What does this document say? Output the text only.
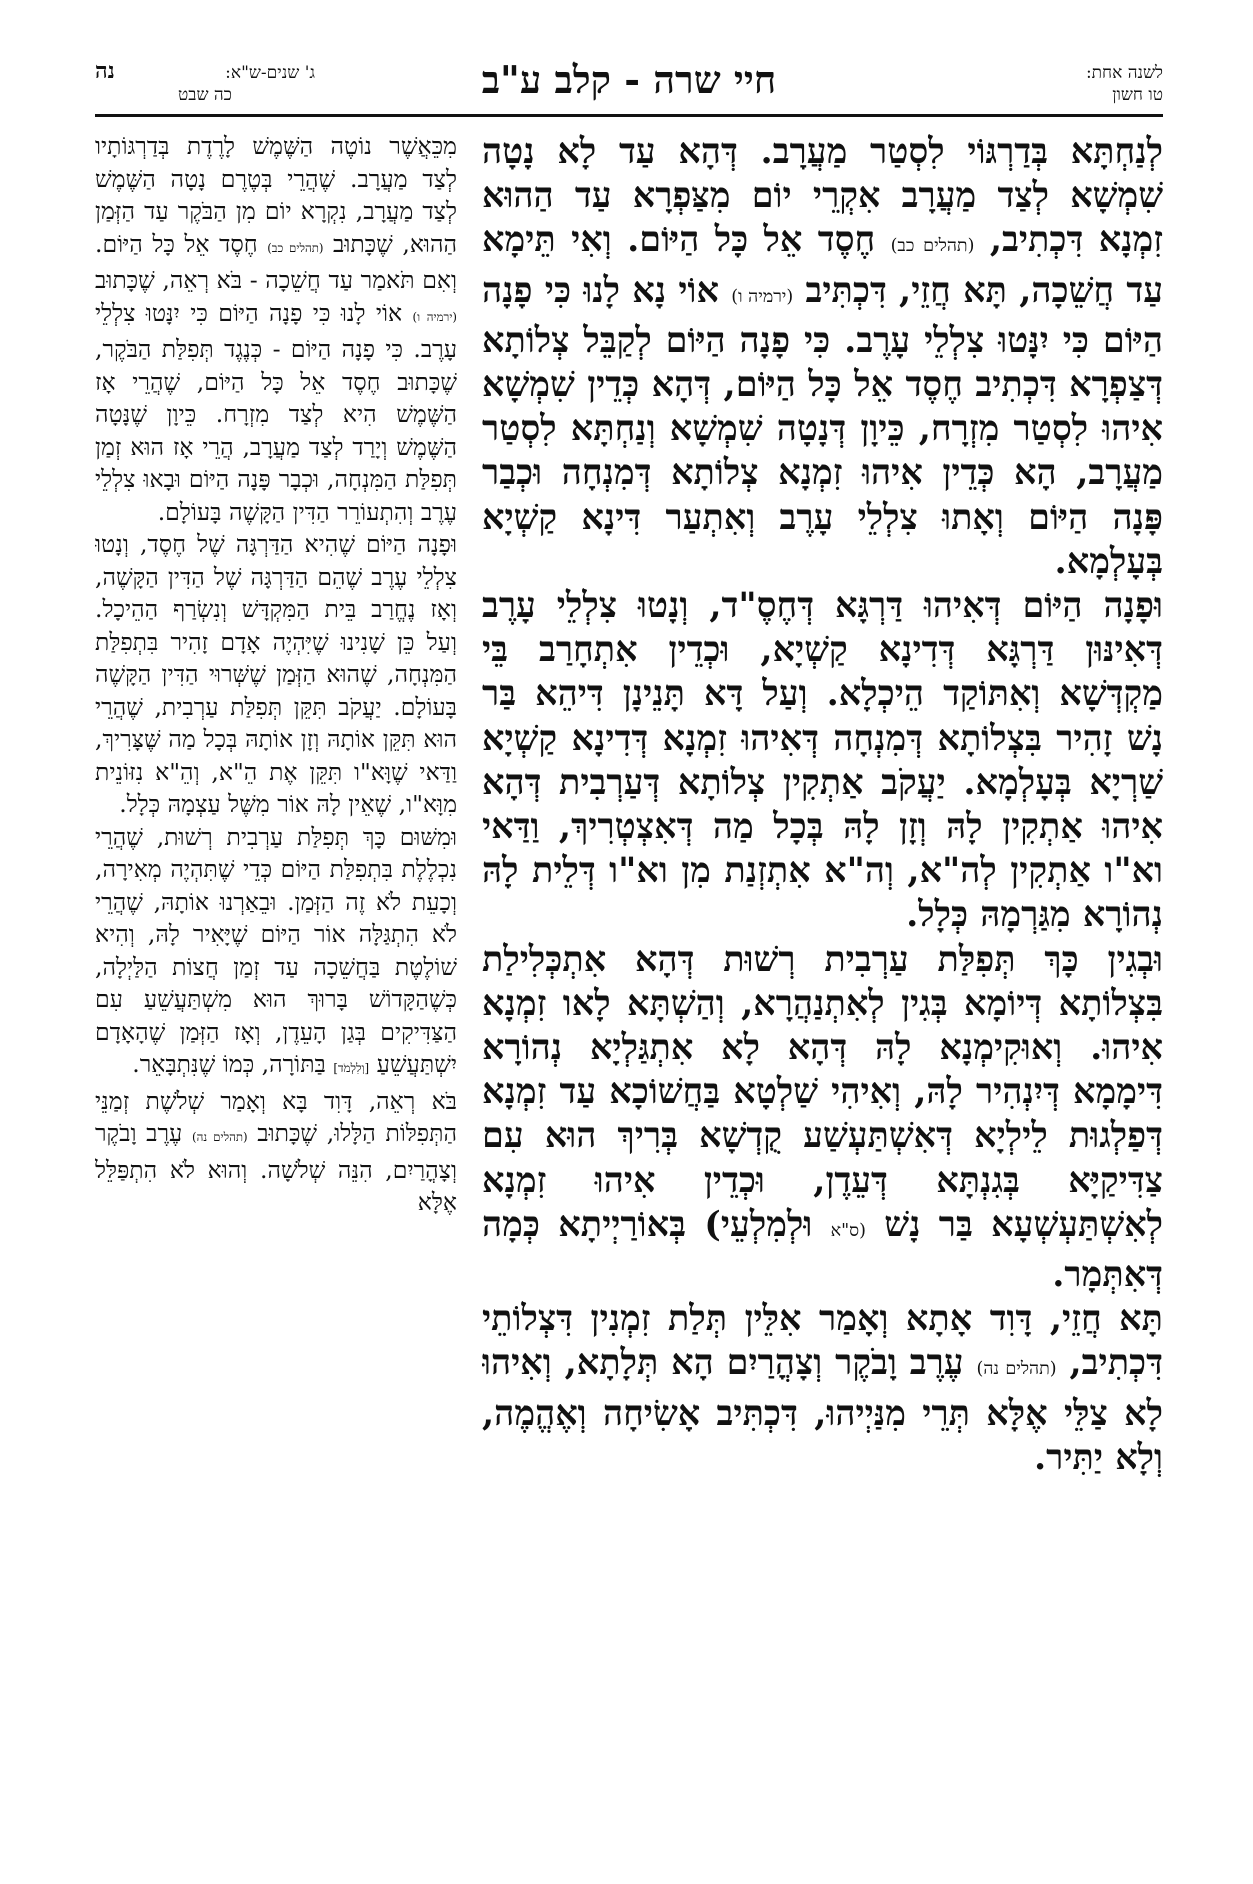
לשנה אחת:
טו חשון
חיי שרה - קלב ע"ב
ג' שנים-ש"א:
נה
כה שבט

לְנַחְתָּא בְּדַרְגּוֹי לִסְטַר מַעֲרָב. דְּהָא עַד לָא נָטָה שִׁמְשָׁא לְצַד מַעֲרָב אִקְרֵי יוֹם מִצַּפְרָא עַד הַהוּא זִמְנָא דִּכְתִיב, (תהלים כב) חֶסֶד אֵל כָּל הַיּוֹם. וְאִי תֵּימָא עַד חֲשֵׁכָה, תָּא חֲזֵי, דִּכְתִּיב (ירמיה ו) אוֹי נָא לָנוּ כִּי פָנָה הַיּוֹם כִּי יִנָּטוּ צִלְלֵי עָרֶב. כִּי פָנָה הַיּוֹם לְקַבֵּל צְלוֹתָא דְּצַפְרָא דִּכְתִיב חֶסֶד אֵל כָּל הַיּוֹם, דְּהָא כְּדֵין שִׁמְשָׁא אִיהוּ לִסְטַר מִזְרָח, כֵּיוָן דְּנָטָה שִׁמְשָׁא וְנַחְתָּא לִסְטַר מַעֲרָב, הָא כְּדֵין אִיהוּ זִמְנָא צְלוֹתָא דְּמִנְחָה וּכְבַר פָּנָה הַיּוֹם וְאָתוּ צִלְלֵי עָרֶב וְאִתְעַר דִּינָא קַשְׁיָא בְּעָלְמָא.

וּפָנָה הַיּוֹם דְּאִיהוּ דַּרְגָּא דְּחֶסֶ"ד, וְנָטוּ צִלְלֵי עָרֶב דְּאִינּוּן דַּרְגָּא דְּדִינָא קַשְׁיָא, וּכְדֵין אִתְחָרַב בֵּי מַקְדְּשָׁא וְאִתּוֹקַד הֵיכְלָא. וְעַל דָּא תָּנֵינָן דִּיהֵא בַּר נָשׁ זָהִיר בִּצְלוֹתָא דְּמִנְחָה דְּאִיהוּ זִמְנָא דְּדִינָא קַשְׁיָא שַׁרְיָא בְּעָלְמָא. יַעֲקֹב אַתְקִין צְלוֹתָא דְּעַרְבִית דְּהָא אִיהוּ אַתְקִין לָהּ וְזָן לָהּ בְּכָל מַה דְּאִצְטְרִיךְ, וַדַּאי וא"ו אַתְקִין לְה"א, וְה"א אִתְזְנַת מִן וא"ו דְּלֵית לָהּ נְהוֹרָא מִגַּרְמָהּ כְּלָל.

וּבְגִין כָּךְ תְּפִלַּת עַרְבִית רְשׁוּת דְּהָא אִתְכְּלִילַת בִּצְלוֹתָא דְּיוֹמָא בְּגִין לְאִתְנַהֲרָא, וְהַשְׁתָּא לָאו זִמְנָא אִיהוּ. וְאוּקִימְנָא לָהּ דְּהָא לָא אִתְגַּלְיָא נְהוֹרָא דִּימָמָא דְּיִנְהִיר לָהּ, וְאִיהִי שַׁלְטָא בַּחֲשׁוֹכָא עַד זִמְנָא דְּפַלְגוּת לֵילְיָא דְּאִשְׁתַּעְשַׁע קֻדְשָׁא בְּרִיךְ הוּא עִם צַדִּיקַיָּא בְּגִנְתָּא דְּעֵדֶן, וּכְדֵין אִיהוּ זִמְנָא לְאִשְׁתַּעְשְׁעָא בַּר נָשׁ (ס"א וּלְמִלְעֵי) בְּאוֹרַיְיתָא כְּמָה דְּאִתְּמָר.

תָּא חֲזֵי, דָּוִד אָתָא וְאָמַר אִלֵּין תְּלַת זִמְנִין דִּצְלוֹתֵי דִּכְתִיב, (תהלים נה) עֶרֶב וָבֹקֶר וְצָהֳרַיִם הָא תְּלָתָא, וְאִיהוּ לָא צַלֵּי אֶלָּא תְּרֵי מִנַּיְיהוּ, דִּכְתִּיב אָשִׂיחָה וְאֶהֱמֶה, וְלָא יַתִּיר.

מִכֵּאֲשֶׁר נוֹטֶה הַשֶּׁמֶשׁ לָרֶדֶת בְּדַרְגּוֹתָיו לְצַד מַעֲרָב. שֶׁהֲרֵי בְּטֶרֶם נָטָה הַשֶּׁמֶשׁ לְצַד מַעֲרָב, נִקְרָא יוֹם מִן הַבֹּקֶר עַד הַזְּמַן הַהוּא, שֶׁכָּתוּב (תהלים כב) חֶסֶד אֵל כָּל הַיּוֹם. וְאִם תֹּאמַר עַד חֲשֵׁכָה - בֹּא רְאֵה, שֶׁכָּתוּב (ירמיה ו) אוֹי לָנוּ כִּי פָנָה הַיּוֹם כִּי יִנָּטוּ צִלְלֵי עָרֶב. כִּי פָנָה הַיּוֹם - כְּנֶגֶד תְּפִלַּת הַבֹּקֶר, שֶׁכָּתוּב חֶסֶד אֵל כָּל הַיּוֹם, שֶׁהֲרֵי אָז הַשֶּׁמֶשׁ הִיא לְצַד מִזְרָח. כֵּיוָן שֶׁנָּטָה הַשֶּׁמֶשׁ וְיָרַד לְצַד מַעֲרָב, הֲרֵי אָז הוּא זְמַן תְּפִלַּת הַמִּנְחָה, וּכְבָר פָּנָה הַיּוֹם וּבָאוּ צִלְלֵי עֶרֶב וְהִתְעוֹרֵר הַדִּין הַקָּשֶׁה בָּעוֹלָם.

וּפָנָה הַיּוֹם שֶׁהִיא הַדַּרְגָּה שֶׁל חֶסֶד, וְנָטוּ צִלְלֵי עֶרֶב שֶׁהֵם הַדַּרְגָּה שֶׁל הַדִּין הַקָּשֶׁה, וְאָז נֶחֱרַב בֵּית הַמִּקְדָּשׁ וְנִשְׂרַף הַהֵיכָל. וְעַל כֵּן שָׁנִינוּ שֶׁיִּהְיֶה אָדָם זָהִיר בִּתְפִלַּת הַמִּנְחָה, שֶׁהוּא הַזְּמַן שֶׁשְּׁרוּי הַדִּין הַקָּשֶׁה בָּעוֹלָם. יַעֲקֹב תִּקֵּן תְּפִלַּת עַרְבִית, שֶׁהֲרֵי הוּא תִּקֵּן אוֹתָהּ וְזָן אוֹתָהּ בְּכָל מַה שֶּׁצָּרִיךְ, וַדַּאי שֶׁוָּא"ו תִּקֵּן אֶת הֵ"א, וְהֵ"א נִזּוֹנֵית מִוָּא"ו, שֶׁאֵין לָהּ אוֹר מִשֶּׁל עַצְמָהּ כְּלָל.

וּמִשּׁוּם כָּךְ תְּפִלַּת עַרְבִית רְשׁוּת, שֶׁהֲרֵי נִכְלֶלֶת בִּתְפִלַּת הַיּוֹם כְּדֵי שֶׁתִּהְיֶה מְאִירָה, וְכָעֵת לֹא זֶה הַזְּמַן. וּבֵאַרְנוּ אוֹתָהּ, שֶׁהֲרֵי לֹא הִתְגַּלָּה אוֹר הַיּוֹם שֶׁיָּאִיר לָהּ, וְהִיא שׁוֹלֶטֶת בַּחֲשֵׁכָה עַד זְמַן חֲצוֹת הַלַּיְלָה, כְּשֶׁהַקָּדוֹשׁ בָּרוּךְ הוּא מִשְׁתַּעֲשֵׁעַ עִם הַצַּדִּיקִים בְּגַן הָעֵדֶן, וְאָז הַזְּמַן שֶׁהָאָדָם יִשְׁתַּעֲשֵׁעַ [וְלִלְמֹד] בַּתּוֹרָה, כְּמוֹ שֶׁנִּתְבָּאֵר.

בֹּא רְאֵה, דָּוִד בָּא וְאָמַר שְׁלֹשֶׁת זְמַנֵּי הַתְּפִלּוֹת הַלָּלוּ, שֶׁכָּתוּב (תהלים נה) עֶרֶב וָבֹקֶר וְצָהֳרַיִם, הִנֵּה שְׁלֹשָׁה. וְהוּא לֹא הִתְפַּלֵּל אֶלָּא
